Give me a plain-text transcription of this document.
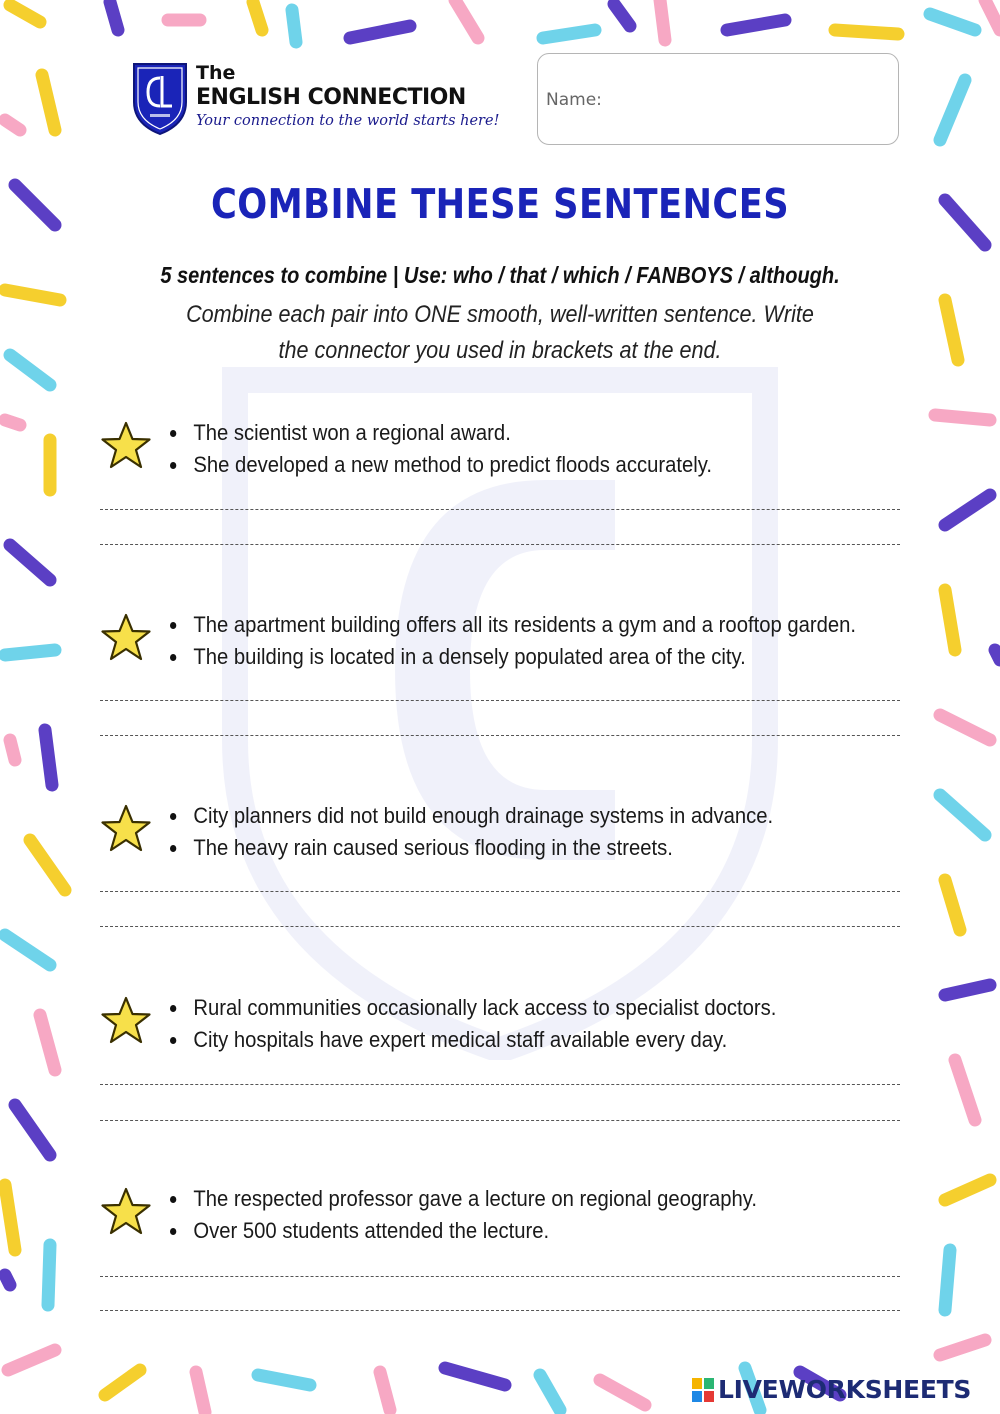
The
ENGLISH CONNECTION
Your connection to the world starts here!
Name:
COMBINE THESE SENTENCES
5 sentences to combine | Use: who / that / which / FANBOYS / although.
Combine each pair into ONE smooth, well-written sentence. Write the connector you used in brackets at the end.
The scientist won a regional award.
She developed a new method to predict floods accurately.
The apartment building offers all its residents a gym and a rooftop garden.
The building is located in a densely populated area of the city.
City planners did not build enough drainage systems in advance.
The heavy rain caused serious flooding in the streets.
Rural communities occasionally lack access to specialist doctors.
City hospitals have expert medical staff available every day.
The respected professor gave a lecture on regional geography.
Over 500 students attended the lecture.
LIVEWORKSHEETS
